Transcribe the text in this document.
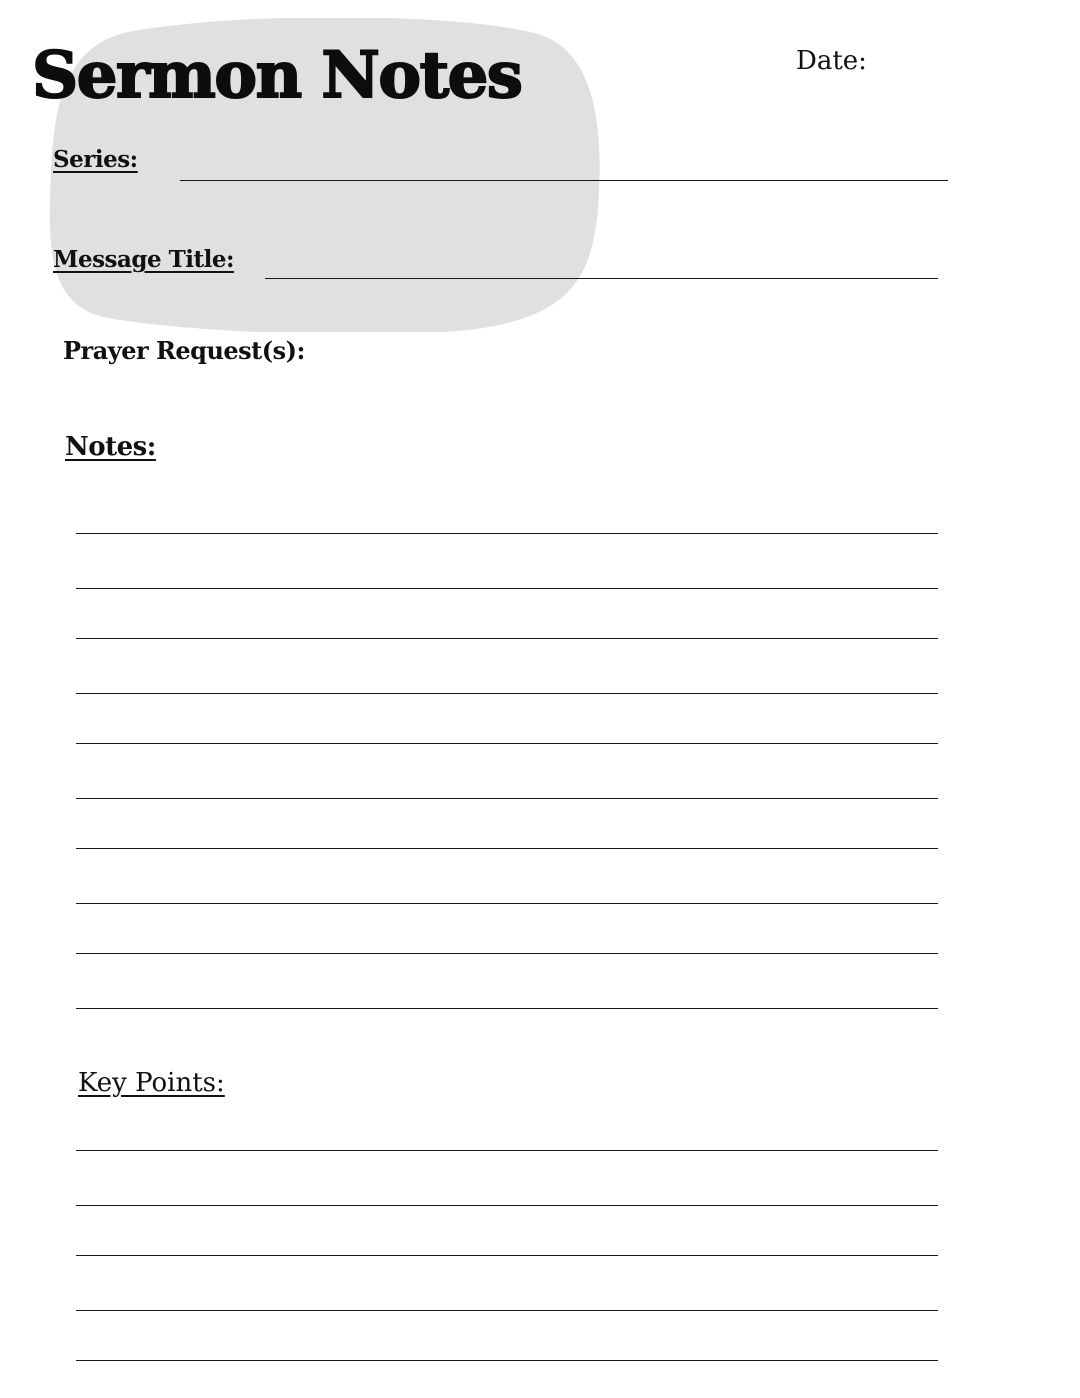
Sermon Notes	Date:
Series:
Message Title:
Prayer Request(s):
Notes:
Key Points:
